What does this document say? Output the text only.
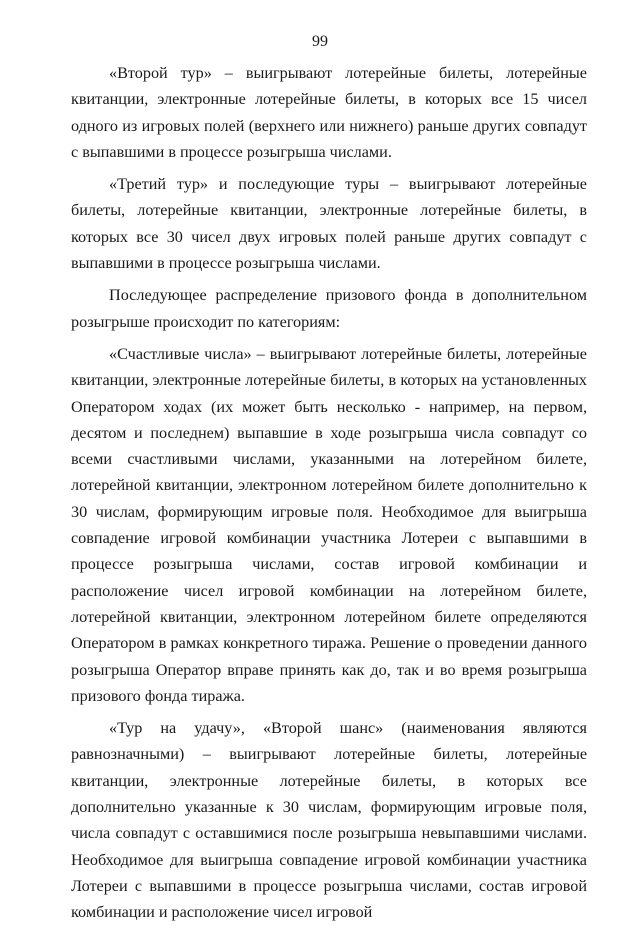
99

«Второй тур» – выигрывают лотерейные билеты, лотерейные квитанции, электронные лотерейные билеты, в которых все 15 чисел одного из игровых полей (верхнего или нижнего) раньше других совпадут с выпавшими в процессе розыгрыша числами.

«Третий тур» и последующие туры – выигрывают лотерейные билеты, лотерейные квитанции, электронные лотерейные билеты, в которых все 30 чисел двух игровых полей раньше других совпадут с выпавшими в процессе розыгрыша числами.

Последующее распределение призового фонда в дополнительном розыгрыше происходит по категориям:

«Счастливые числа» – выигрывают лотерейные билеты, лотерейные квитанции, электронные лотерейные билеты, в которых на установленных Оператором ходах (их может быть несколько - например, на первом, десятом и последнем) выпавшие в ходе розыгрыша числа совпадут со всеми счастливыми числами, указанными на лотерейном билете, лотерейной квитанции, электронном лотерейном билете дополнительно к 30 числам, формирующим игровые поля. Необходимое для выигрыша совпадение игровой комбинации участника Лотереи с выпавшими в процессе розыгрыша числами, состав игровой комбинации и расположение чисел игровой комбинации на лотерейном билете, лотерейной квитанции, электронном лотерейном билете определяются Оператором в рамках конкретного тиража. Решение о проведении данного розыгрыша Оператор вправе принять как до, так и во время розыгрыша призового фонда тиража.

«Тур на удачу», «Второй шанс» (наименования являются равнозначными) – выигрывают лотерейные билеты, лотерейные квитанции, электронные лотерейные билеты, в которых все дополнительно указанные к 30 числам, формирующим игровые поля, числа совпадут с оставшимися после розыгрыша невыпавшими числами. Необходимое для выигрыша совпадение игровой комбинации участника Лотереи с выпавшими в процессе розыгрыша числами, состав игровой комбинации и расположение чисел игровой
